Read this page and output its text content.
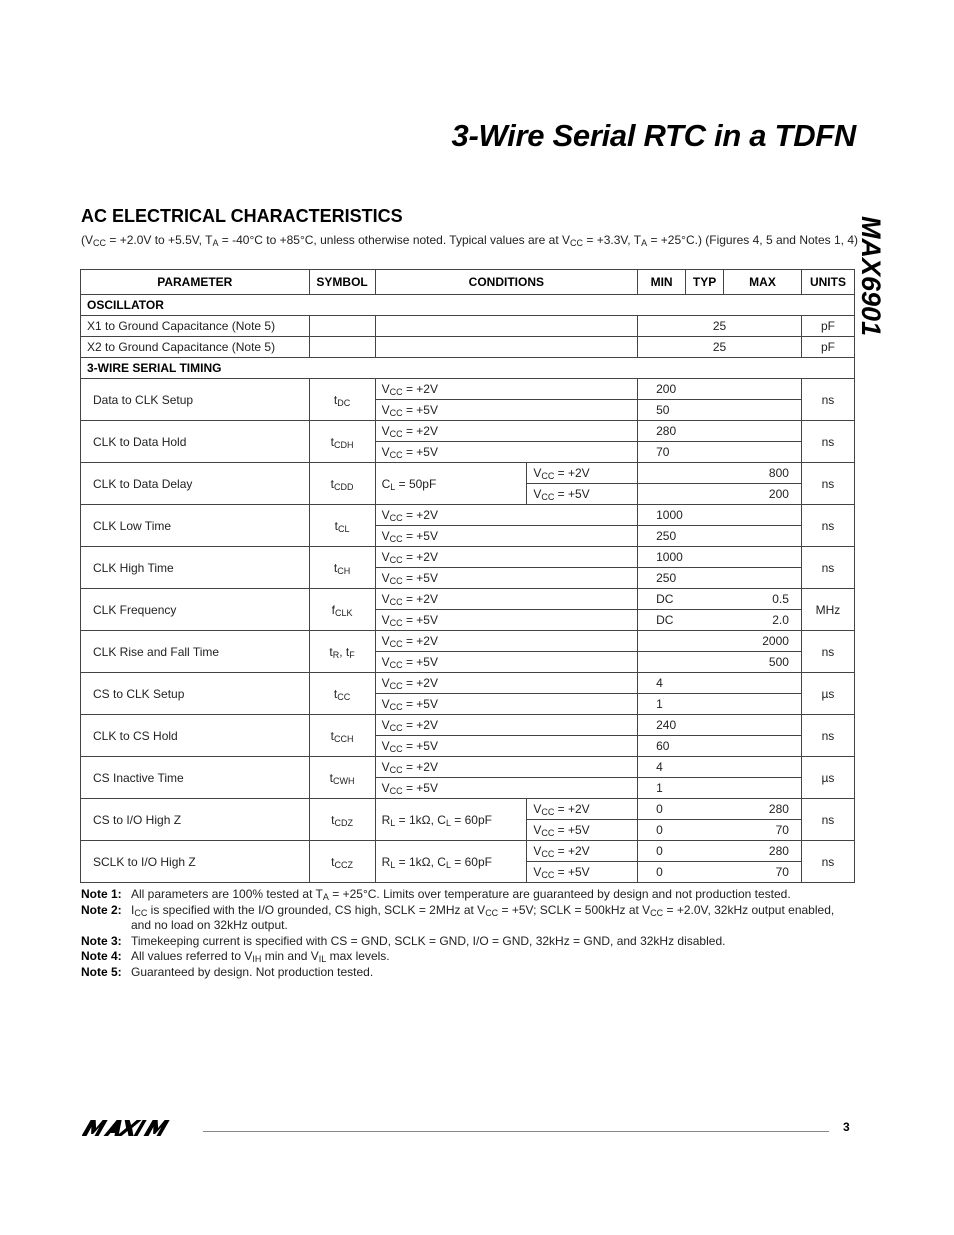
3-Wire Serial RTC in a TDFN
MAX6901
AC ELECTRICAL CHARACTERISTICS
($V_{CC} = +2.0V$ to +5.5V, $T_A = -40^\circ C$ to +85°C, unless otherwise noted. Typical values are at $V_{CC} = +3.3V$, $T_A = +25^\circ C$.) (Figures 4, 5 and Notes 1, 4)
PARAMETER	SYMBOL	CONDITIONS		MIN	TYP	MAX	UNITS
OSCILLATOR							
X1 to Ground Capacitance (Note 5)				25			pF
X2 to Ground Capacitance (Note 5)				25			pF
3-WIRE SERIAL TIMING							
Data to CLK Setup	$t_{DC}$	$V_{CC} = +2V$		200			ns
		$V_{CC} = +5V$		50			

CLK to Data Hold	$t_{CDH}$	$V_{CC} = +2V$		280			ns
		$V_{CC} = +5V$		70			

CLK to Data Delay	$t_{CDD}$	$C_L = 50pF$	$V_{CC} = +2V$	800			ns
			$V_{CC} = +5V$	200			

CLK Low Time	$t_{CL}$	$V_{CC} = +2V$		1000			ns
		$V_{CC} = +5V$		250			

CLK High Time	$t_{CH}$	$V_{CC} = +2V$		1000			ns
		$V_{CC} = +5V$		250			

CLK Frequency	$f_{CLK}$	$V_{CC} = +2V$		DC 0.5			MHz
		$V_{CC} = +5V$		DC 2.0			

CLK Rise and Fall Time	$t_R$, $t_F$	$V_{CC} = +2V$		2000			ns
		$V_{CC} = +5V$		500			

CS to CLK Setup	$t_{CC}$	$V_{CC} = +2V$		4			µs
		$V_{CC} = +5V$		1			

CLK to CS Hold	$t_{CCH}$	$V_{CC} = +2V$		240			ns
		$V_{CC} = +5V$		60			

CS Inactive Time	$t_{CWH}$	$V_{CC} = +2V$		4			µs
		$V_{CC} = +5V$		1			

CS to I/O High Z	$t_{CDZ}$	$R_L = 1k\Omega$, $C_L = 60pF$	$V_{CC} = +2V$	0 280			ns
			$V_{CC} = +5V$	0 70			

SCLK to I/O High Z	$t_{CCZ}$	$R_L = 1k\Omega$, $C_L = 60pF$	$V_{CC} = +2V$	0 280			ns
			$V_{CC} = +5V$	0 70			
Note 1: All parameters are 100% tested at $T_A = +25^\circ C$. Limits over temperature are guaranteed by design and not production tested.
Note 2: $I_{CC}$ is specified with the I/O grounded, CS high, SCLK = 2MHz at $V_{CC} = +5V$; SCLK = 500kHz at $V_{CC} = +2.0V$, 32kHz output enabled, and no load on 32kHz output.
Note 3: Timekeeping current is specified with CS = GND, SCLK = GND, I/O = GND, 32kHz = GND, and 32kHz disabled.
Note 4: All values referred to $V_{IH}$ min and $V_{IL}$ max levels.
Note 5: Guaranteed by design. Not production tested.
3
